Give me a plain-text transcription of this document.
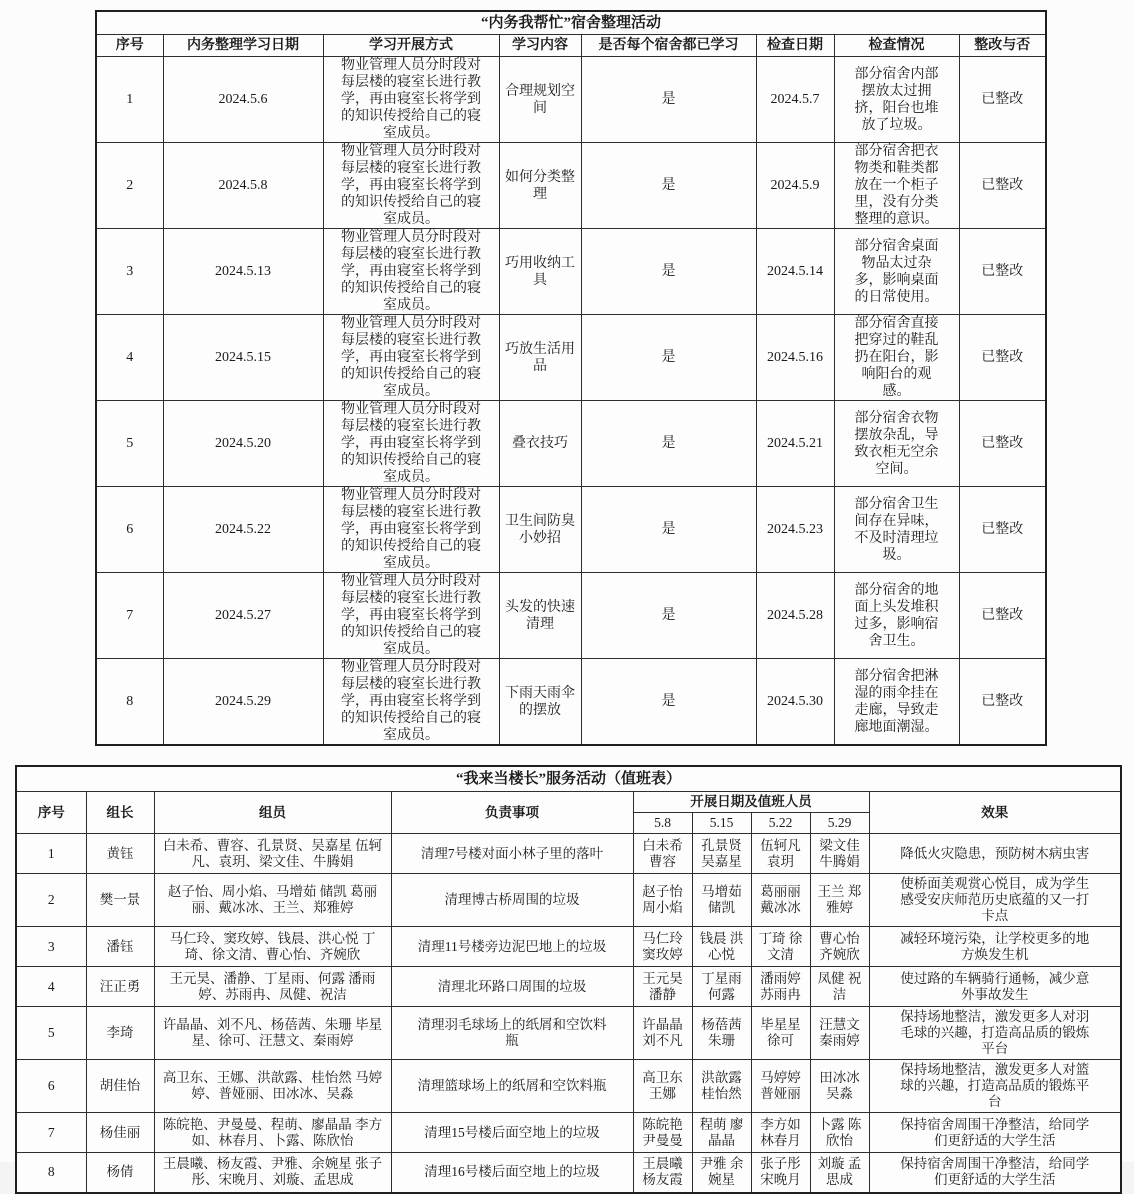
“内务我帮忙”宿舍整理活动							
序号	内务整理学习日期	学习开展方式	学习内容	是否每个宿舍都已学习	检查日期	检查情况	整改与否
1	2024.5.6	物业管理人员分时段对每层楼的寝室长进行教学，再由寝室长将学到的知识传授给自己的寝室成员。	合理规划空间	是	2024.5.7	部分宿舍内部摆放太过拥挤，阳台也堆放了垃圾。	已整改
2	2024.5.8	物业管理人员分时段对每层楼的寝室长进行教学，再由寝室长将学到的知识传授给自己的寝室成员。	如何分类整理	是	2024.5.9	部分宿舍把衣物类和鞋类都放在一个柜子里，没有分类整理的意识。	已整改
3	2024.5.13	物业管理人员分时段对每层楼的寝室长进行教学，再由寝室长将学到的知识传授给自己的寝室成员。	巧用收纳工具	是	2024.5.14	部分宿舍桌面物品太过杂多，影响桌面的日常使用。	已整改
4	2024.5.15	物业管理人员分时段对每层楼的寝室长进行教学，再由寝室长将学到的知识传授给自己的寝室成员。	巧放生活用品	是	2024.5.16	部分宿舍直接把穿过的鞋乱扔在阳台，影响阳台的观感。	已整改
5	2024.5.20	物业管理人员分时段对每层楼的寝室长进行教学，再由寝室长将学到的知识传授给自己的寝室成员。	叠衣技巧	是	2024.5.21	部分宿舍衣物摆放杂乱，导致衣柜无空余空间。	已整改
6	2024.5.22	物业管理人员分时段对每层楼的寝室长进行教学，再由寝室长将学到的知识传授给自己的寝室成员。	卫生间防臭小妙招	是	2024.5.23	部分宿舍卫生间存在异味，不及时清理垃圾。	已整改
7	2024.5.27	物业管理人员分时段对每层楼的寝室长进行教学，再由寝室长将学到的知识传授给自己的寝室成员。	头发的快速清理	是	2024.5.28	部分宿舍的地面上头发堆积过多，影响宿舍卫生。	已整改
8	2024.5.29	物业管理人员分时段对每层楼的寝室长进行教学，再由寝室长将学到的知识传授给自己的寝室成员。	下雨天雨伞的摆放	是	2024.5.30	部分宿舍把淋湿的雨伞挂在走廊，导致走廊地面潮湿。	已整改
“我来当楼长”服务活动（值班表）								
序号	组长	组员	负责事项	开展日期及值班人员				效果
				5.8	5.15	5.22	5.29	
1	黄钰	白未希、曹容、孔景贤、吴嘉星 伍轲凡、袁玥、梁文佳、牛腾娟	清理7号楼对面小林子里的落叶	白未希 曹容	孔景贤 吴嘉星	伍轲凡 袁玥	梁文佳 牛腾娟	降低火灾隐患，预防树木病虫害
2	樊一景	赵子怡、周小焰、马增茹 储凯 葛丽丽、戴冰冰、王兰、郑雅婷	清理博古桥周围的垃圾	赵子怡 周小焰	马增茹 储凯	葛丽丽 戴冰冰	王兰 郑雅婷	使桥面美观赏心悦目，成为学生感受安庆师范历史底蕴的又一打卡点
3	潘钰	马仁玲、窦玫婷、钱晨、洪心悦 丁琦、徐文清、曹心怡、齐婉欣	清理11号楼旁边泥巴地上的垃圾	马仁玲 窦玫婷	钱晨 洪心悦	丁琦 徐文清	曹心怡 齐婉欣	减轻环境污染，让学校更多的地方焕发生机
4	汪正勇	王元昊、潘静、丁星雨、何露 潘雨婷、苏雨冉、凤健、祝洁	清理北环路口周围的垃圾	王元昊 潘静	丁星雨 何露	潘雨婷 苏雨冉	凤健 祝洁	使过路的车辆骑行通畅，减少意外事故发生
5	李琦	许晶晶、刘不凡、杨蓓茜、朱珊 毕星星、徐可、汪慧文、秦雨婷	清理羽毛球场上的纸屑和空饮料瓶	许晶晶 刘不凡	杨蓓茜 朱珊	毕星星 徐可	汪慧文 秦雨婷	保持场地整洁，激发更多人对羽毛球的兴趣，打造高品质的锻炼平台
6	胡佳怡	高卫东、王娜、洪歆露、桂怡然 马婷婷、普娅丽、田冰冰、吴淼	清理篮球场上的纸屑和空饮料瓶	高卫东 王娜	洪歆露 桂怡然	马婷婷 普娅丽	田冰冰 吴淼	保持场地整洁，激发更多人对篮球的兴趣，打造高品质的锻炼平台
7	杨佳丽	陈皖艳、尹曼曼、程萌、廖晶晶 李方如、林春月、卜露、陈欣怡	清理15号楼后面空地上的垃圾	陈皖艳 尹曼曼	程萌 廖晶晶	李方如 林春月	卜露 陈欣怡	保持宿舍周围干净整洁，给同学们更舒适的大学生活
8	杨倩	王晨曦、杨友霞、尹雅、余婉星 张子彤、宋晚月、刘璇、孟思成	清理16号楼后面空地上的垃圾	王晨曦 杨友霞	尹雅 余婉星	张子彤 宋晚月	刘璇 孟思成	保持宿舍周围干净整洁，给同学们更舒适的大学生活
